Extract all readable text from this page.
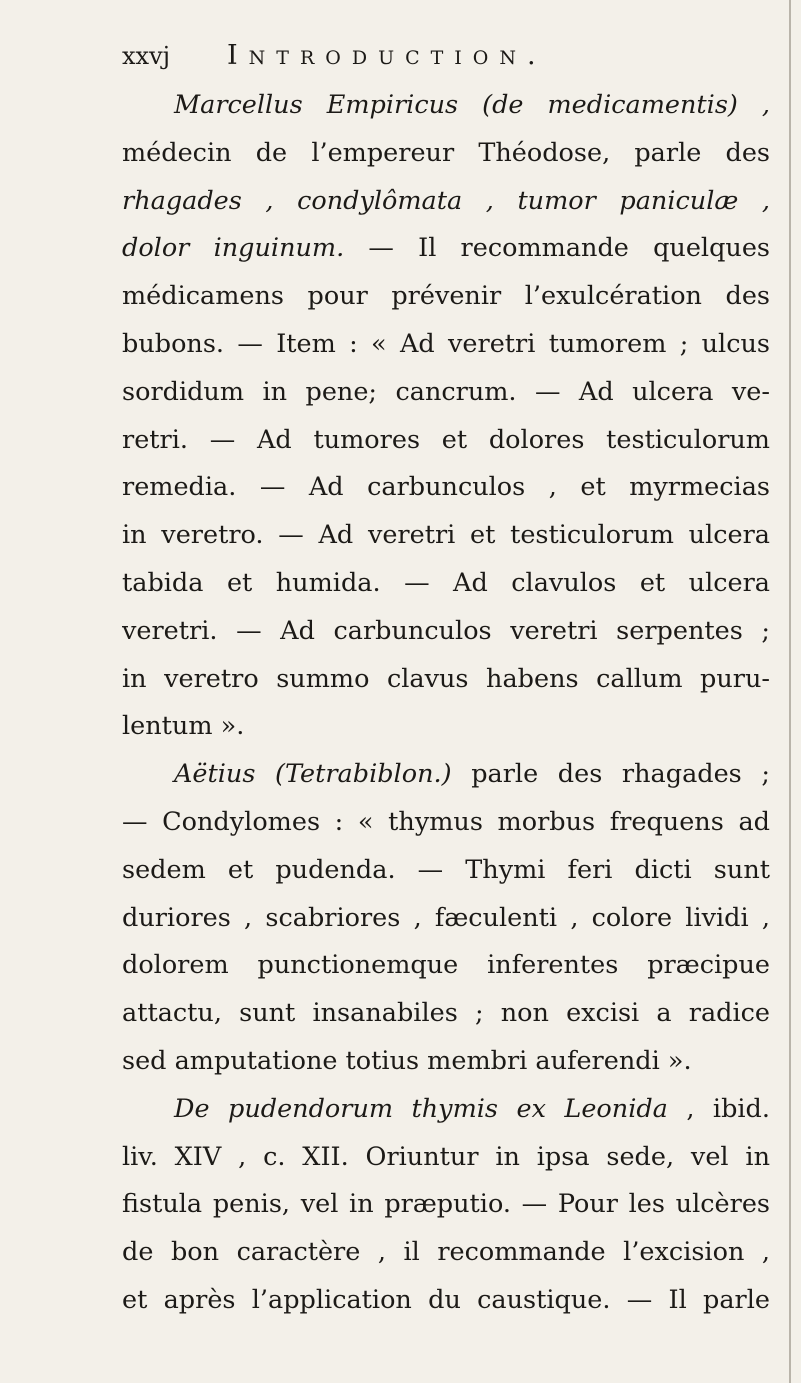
xxvj Introduction.
Marcellus Empiricus (de medicamentis) ,
médecin de l’empereur Théodose, parle des
rhagades , condylômata , tumor paniculæ ,
dolor inguinum. — Il recommande quelques
médicamens pour prévenir l’exulcération des
bubons. — Item : « Ad veretri tumorem ; ulcus
sordidum in pene; cancrum. — Ad ulcera ve-
retri. — Ad tumores et dolores testiculorum
remedia. — Ad carbunculos , et myrmecias
in veretro. — Ad veretri et testiculorum ulcera
tabida et humida. — Ad clavulos et ulcera
veretri. — Ad carbunculos veretri serpentes ;
in veretro summo clavus habens callum puru-
lentum ».
Aëtius (Tetrabiblon.) parle des rhagades ;
— Condylomes : « thymus morbus frequens ad
sedem et pudenda. — Thymi feri dicti sunt
duriores , scabriores , fæculenti , colore lividi ,
dolorem punctionemque inferentes præcipue
attactu, sunt insanabiles ; non excisi a radice
sed amputatione totius membri auferendi ».
De pudendorum thymis ex Leonida , ibid.
liv. XIV , c. XII. Oriuntur in ipsa sede, vel in
fistula penis, vel in præputio. — Pour les ulcères
de bon caractère , il recommande l’excision ,
et après l’application du caustique. — Il parle
